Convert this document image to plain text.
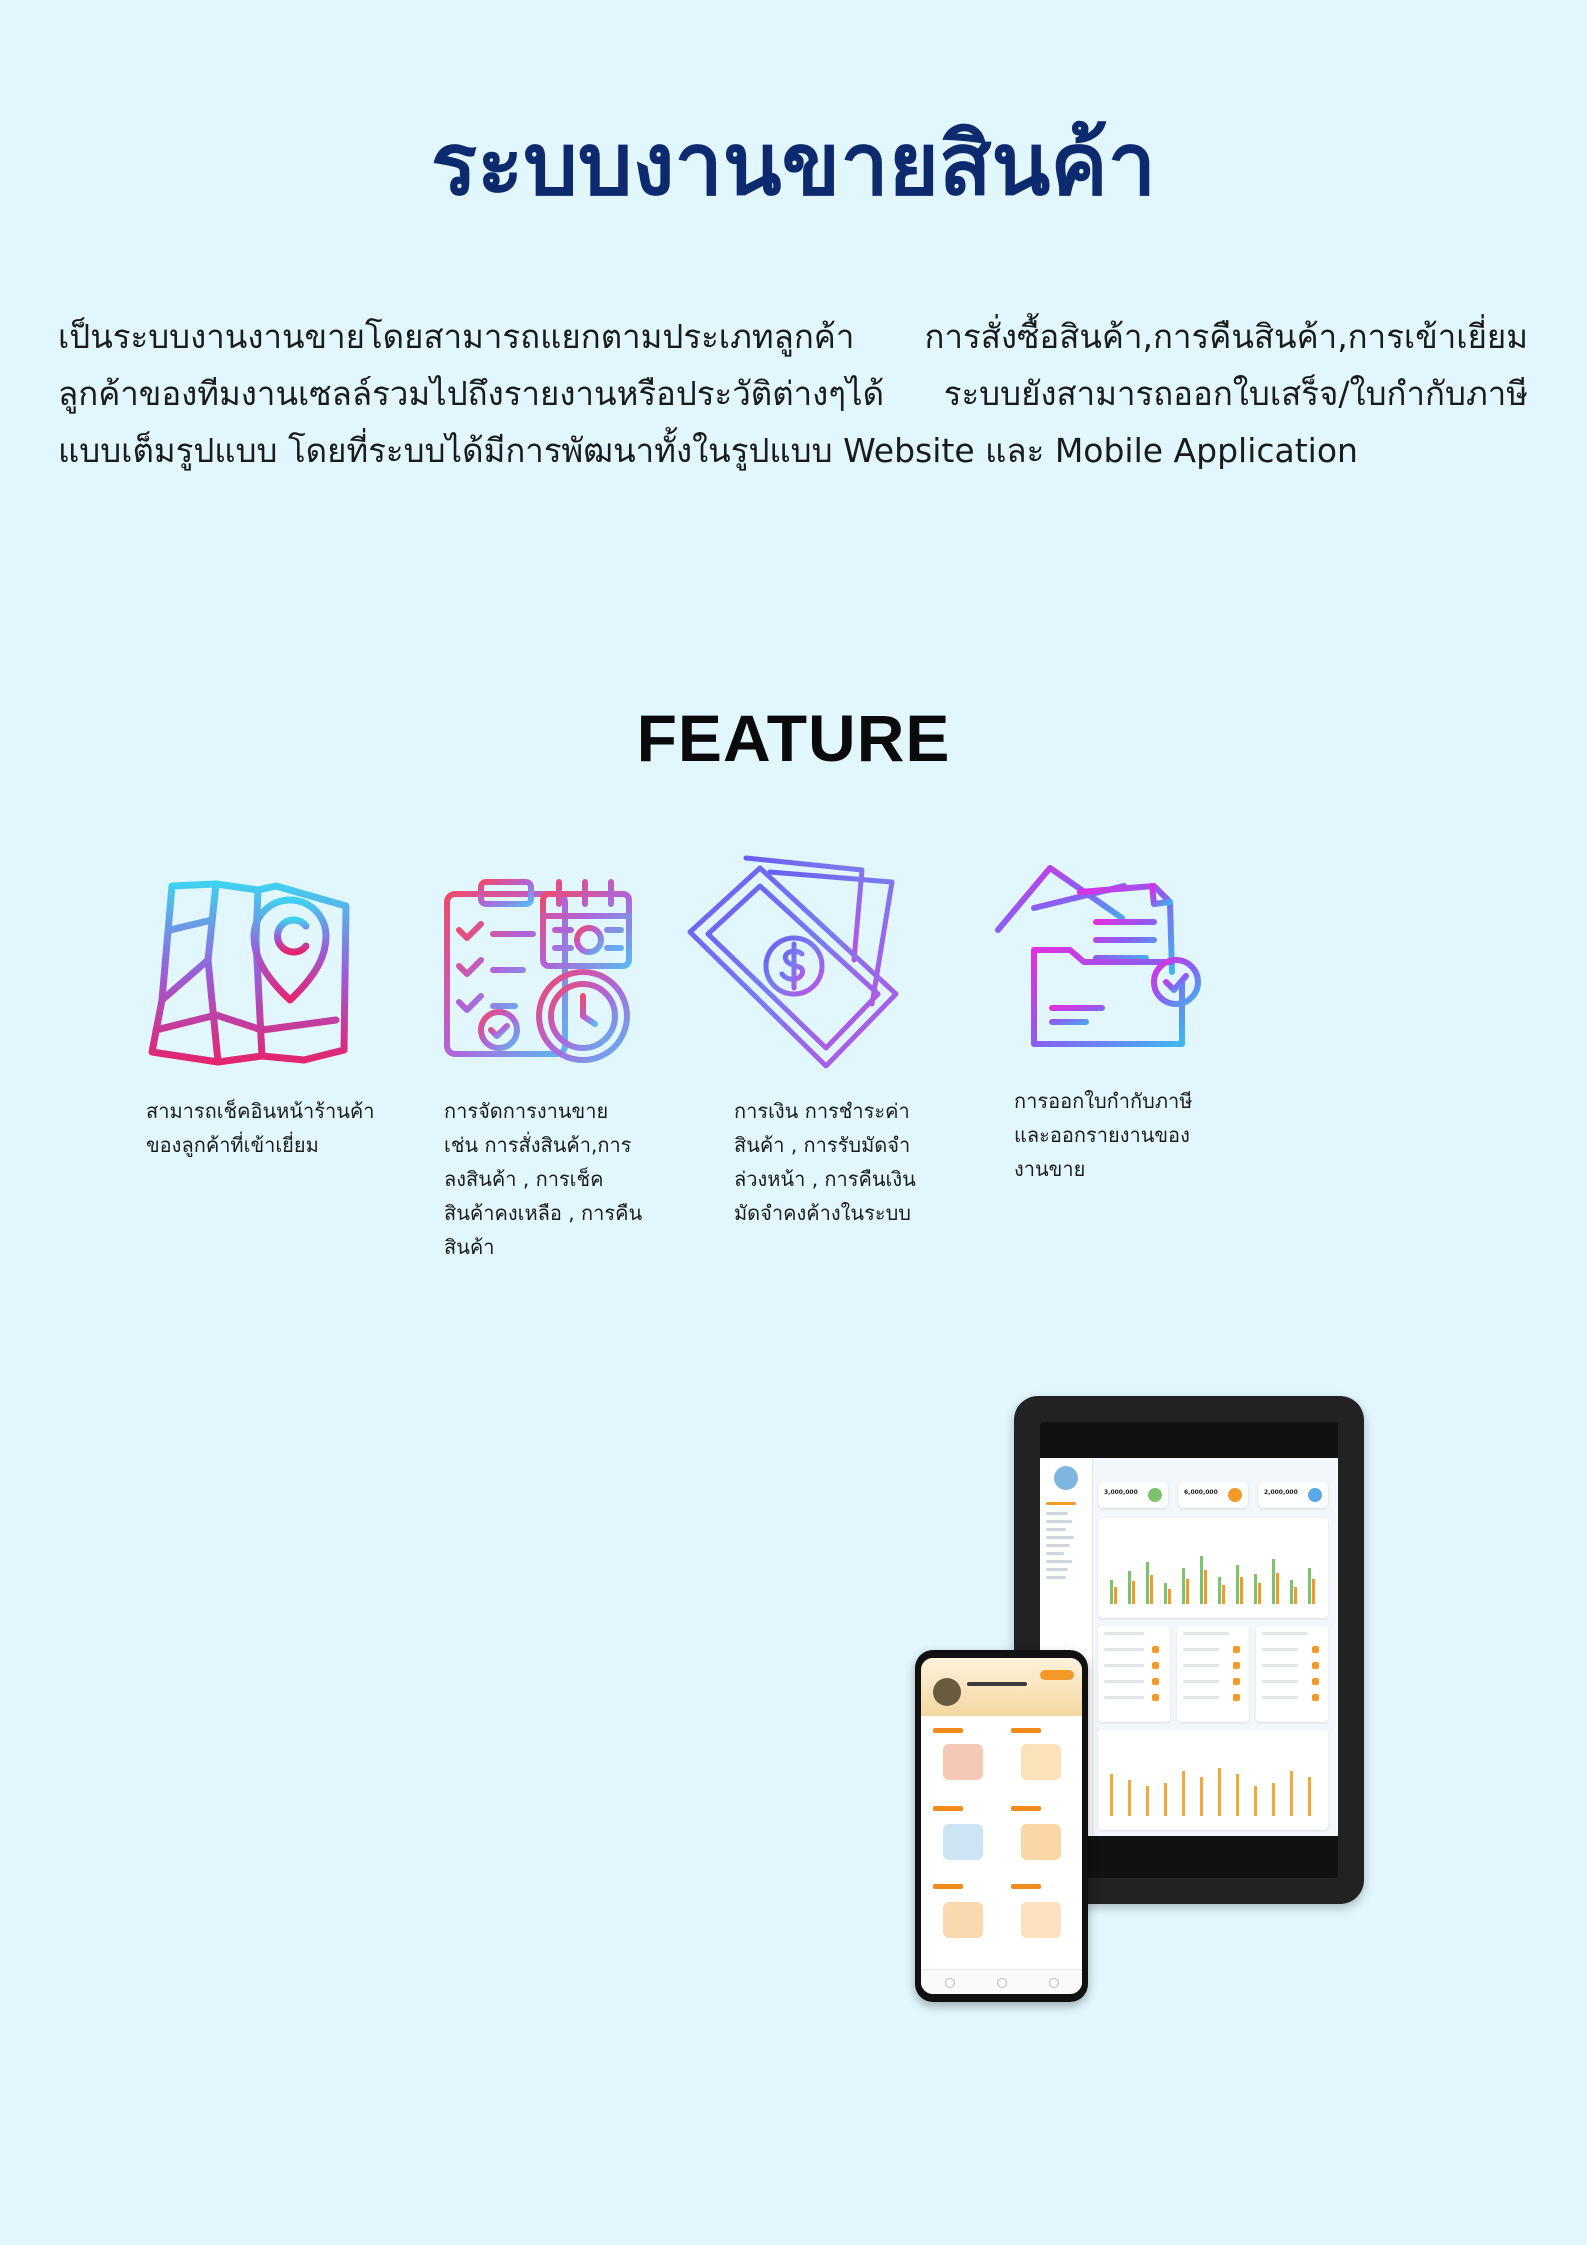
ระบบงานขายสินค้า

เป็นระบบงานงานขายโดยสามารถแยกตามประเภทลูกค้า การสั่งซื้อสินค้า,การคืนสินค้า,การเข้าเยี่ยมลูกค้าของทีมงานเซลล์รวมไปถึงรายงานหรือประวัติต่างๆได้ ระบบยังสามารถออกใบเสร็จ/ใบกำกับภาษีแบบเต็มรูปแบบ โดยที่ระบบได้มีการพัฒนาทั้งในรูปแบบ Website และ Mobile Application

FEATURE

สามารถเช็คอินหน้าร้านค้าของลูกค้าที่เข้าเยี่ยม

การจัดการงานขาย เช่น การสั่งสินค้า,การลงสินค้า , การเช็คสินค้าคงเหลือ , การคืนสินค้า

การเงิน การชำระค่าสินค้า , การรับมัดจำล่วงหน้า , การคืนเงินมัดจำคงค้างในระบบ

การออกใบกำกับภาษีและออกรายงานของงานขาย

3,000,000	6,000,000	2,000,000
